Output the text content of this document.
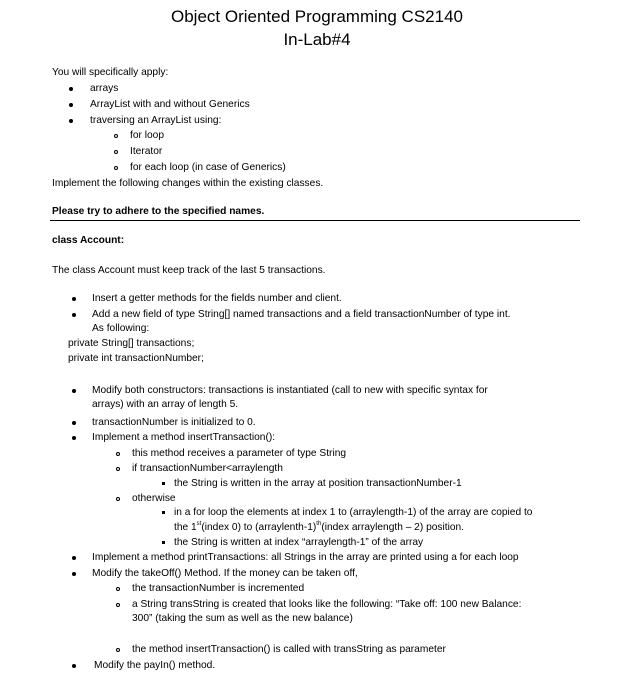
Object Oriented Programming CS2140
In-Lab#4
You will specifically apply:
arrays
ArrayList with and without Generics
traversing an ArrayList using:
for loop
Iterator
for each loop (in case of Generics)
Implement the following changes within the existing classes.
Please try to adhere to the specified names.
class Account:
The class Account must keep track of the last 5 transactions.
Insert a getter methods for the fields number and client.
Add a new field of type String[] named transactions and a field transactionNumber of type int.
As following:
private String[] transactions;
private int transactionNumber;
Modify both constructors: transactions is instantiated (call to new with specific syntax for
arrays) with an array of length 5.
transactionNumber is initialized to 0.
Implement a method insertTransaction():
this method receives a parameter of type String
if transactionNumber<arraylength
the String is written in the array at position transactionNumber-1
otherwise
in a for loop the elements at index 1 to (arraylength-1) of the array are copied to
the 1st(index 0) to (arraylenth-1)$^{th}$(index arraylength – 2) position.
the String is written at index “arraylength-1” of the array
Implement a method printTransactions: all Strings in the array are printed using a for each loop
Modify the takeOff() Method. If the money can be taken off,
the transactionNumber is incremented
a String transString is created that looks like the following: “Take off: 100 new Balance:
300” (taking the sum as well as the new balance)
the method insertTransaction() is called with transString as parameter
Modify the payIn() method.
